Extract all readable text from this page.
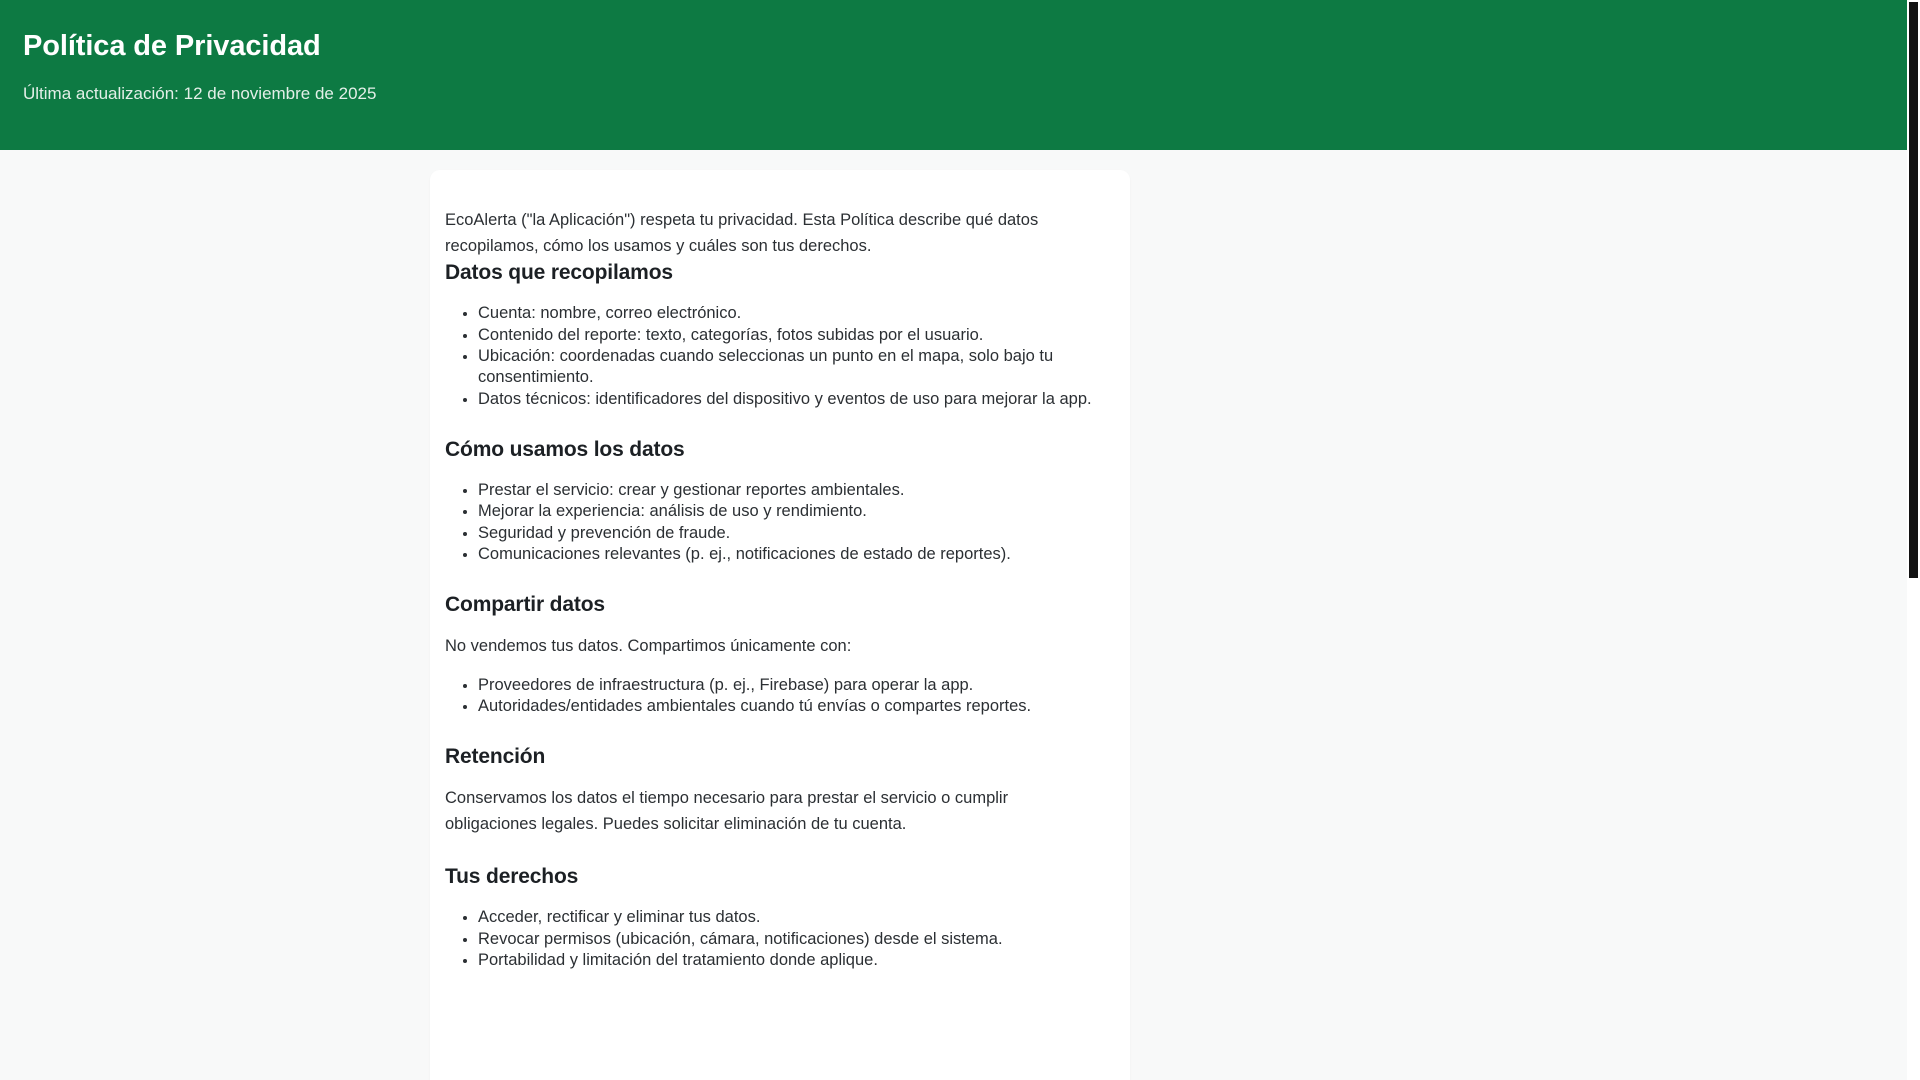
Política de Privacidad
Última actualización: 12 de noviembre de 2025

EcoAlerta ("la Aplicación") respeta tu privacidad. Esta Política describe qué datos recopilamos, cómo los usamos y cuáles son tus derechos.

Datos que recopilamos
Cuenta: nombre, correo electrónico.
Contenido del reporte: texto, categorías, fotos subidas por el usuario.
Ubicación: coordenadas cuando seleccionas un punto en el mapa, solo bajo tu consentimiento.
Datos técnicos: identificadores del dispositivo y eventos de uso para mejorar la app.
Cómo usamos los datos
Prestar el servicio: crear y gestionar reportes ambientales.
Mejorar la experiencia: análisis de uso y rendimiento.
Seguridad y prevención de fraude.
Comunicaciones relevantes (p. ej., notificaciones de estado de reportes).
Compartir datos

No vendemos tus datos. Compartimos únicamente con:

Proveedores de infraestructura (p. ej., Firebase) para operar la app.
Autoridades/entidades ambientales cuando tú envías o compartes reportes.
Retención

Conservamos los datos el tiempo necesario para prestar el servicio o cumplir obligaciones legales. Puedes solicitar eliminación de tu cuenta.

Tus derechos
Acceder, rectificar y eliminar tus datos.
Revocar permisos (ubicación, cámara, notificaciones) desde el sistema.
Portabilidad y limitación del tratamiento donde aplique.
